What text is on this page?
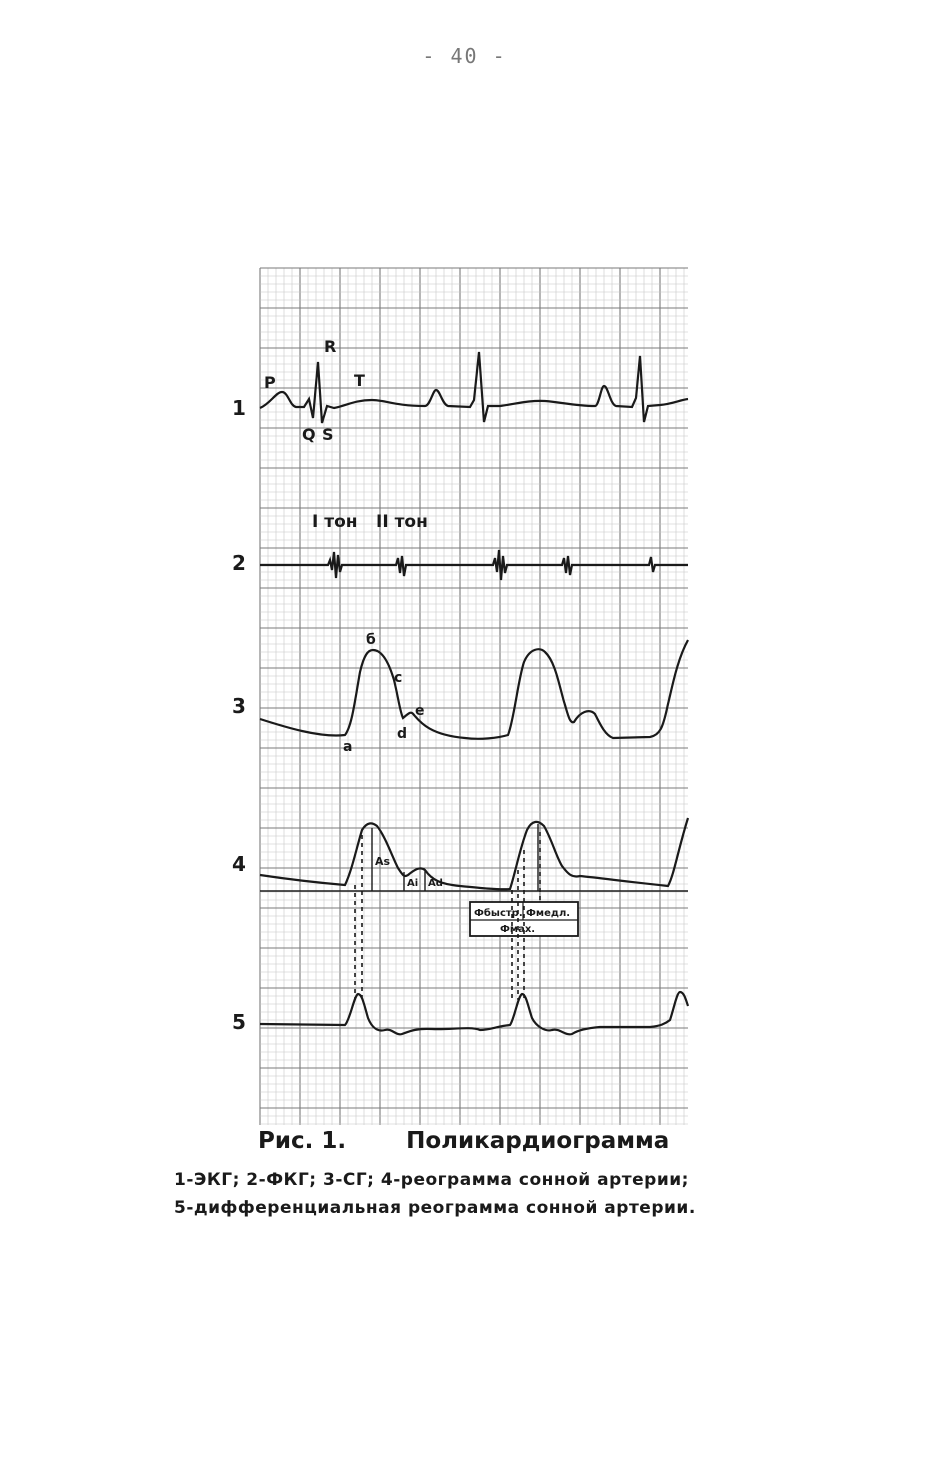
- 40 -
1
2
3
4
5
As
Ai Ad
Фбыстр. Фмедл.
Фмах.
P
R
T
Q S
I тон II тон
a
б
c
d
e
Рис. 1.	Поликардиограмма
1-ЭКГ; 2-ФКГ; 3-СГ; 4-реограмма сонной артерии;
5-дифференциальная реограмма сонной артерии.
